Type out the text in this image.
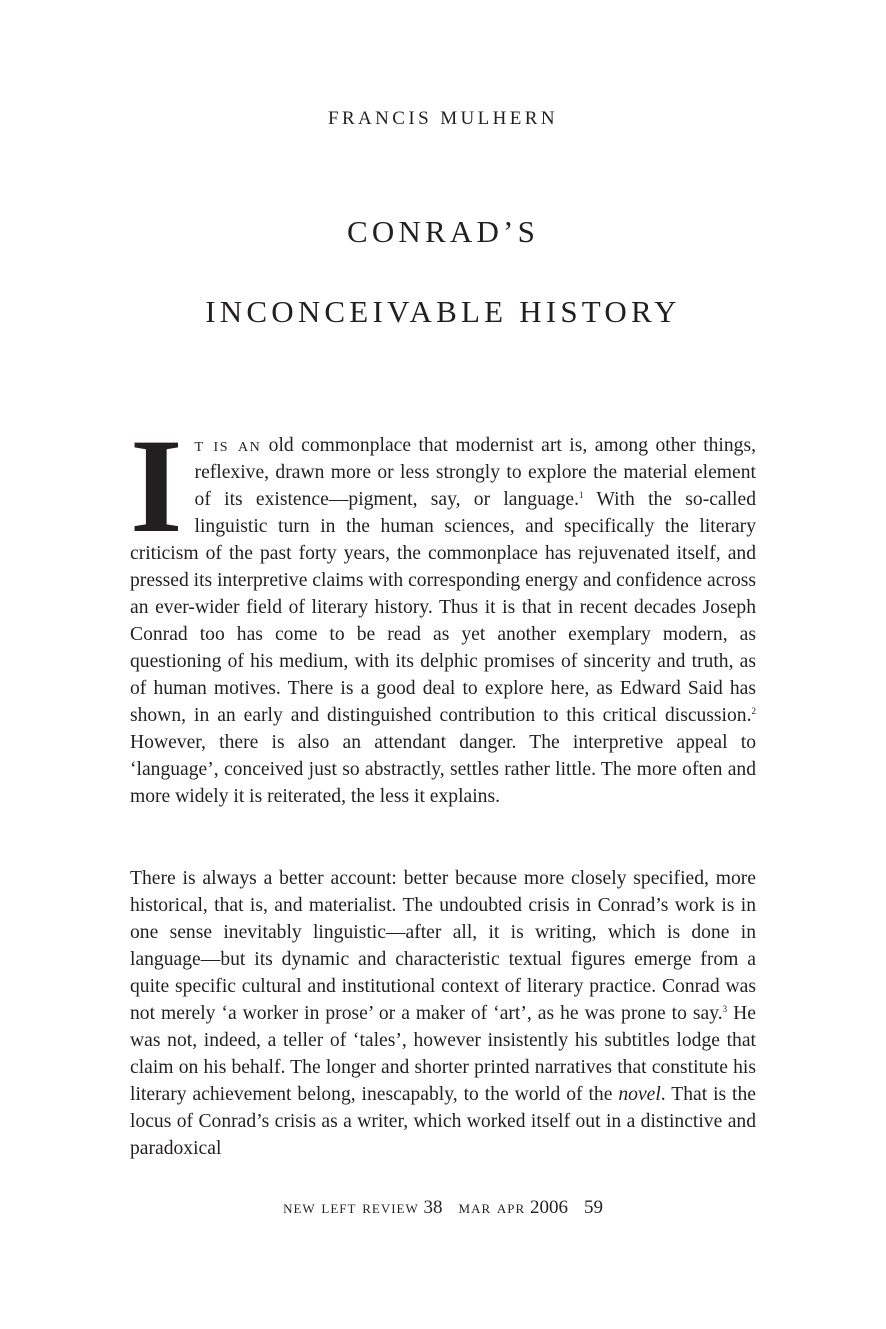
FRANCIS MULHERN

CONRAD’S
INCONCEIVABLE HISTORY

It is an old commonplace that modernist art is, among other things, reflexive, drawn more or less strongly to explore the material element of its existence—pigment, say, or language.$^1$ With the so-called linguistic turn in the human sciences, and specifically the literary criticism of the past forty years, the commonplace has rejuvenated itself, and pressed its interpretive claims with corresponding energy and confidence across an ever-wider field of literary history. Thus it is that in recent decades Joseph Conrad too has come to be read as yet another exemplary modern, as questioning of his medium, with its delphic promises of sincerity and truth, as of human motives. There is a good deal to explore here, as Edward Said has shown, in an early and distinguished contribution to this critical discussion.$^2$ However, there is also an attendant danger. The interpretive appeal to ‘language’, conceived just so abstractly, settles rather little. The more often and more widely it is reiterated, the less it explains.

There is always a better account: better because more closely specified, more historical, that is, and materialist. The undoubted crisis in Conrad’s work is in one sense inevitably linguistic—after all, it is writing, which is done in language—but its dynamic and characteristic textual figures emerge from a quite specific cultural and institutional context of literary practice. Conrad was not merely ‘a worker in prose’ or a maker of ‘art’, as he was prone to say.$^3$ He was not, indeed, a teller of ‘tales’, however insistently his subtitles lodge that claim on his behalf. The longer and shorter printed narratives that constitute his literary achievement belong, inescapably, to the world of the novel. That is the locus of Conrad’s crisis as a writer, which worked itself out in a distinctive and paradoxical

new left review 38 mar apr 2006 59
